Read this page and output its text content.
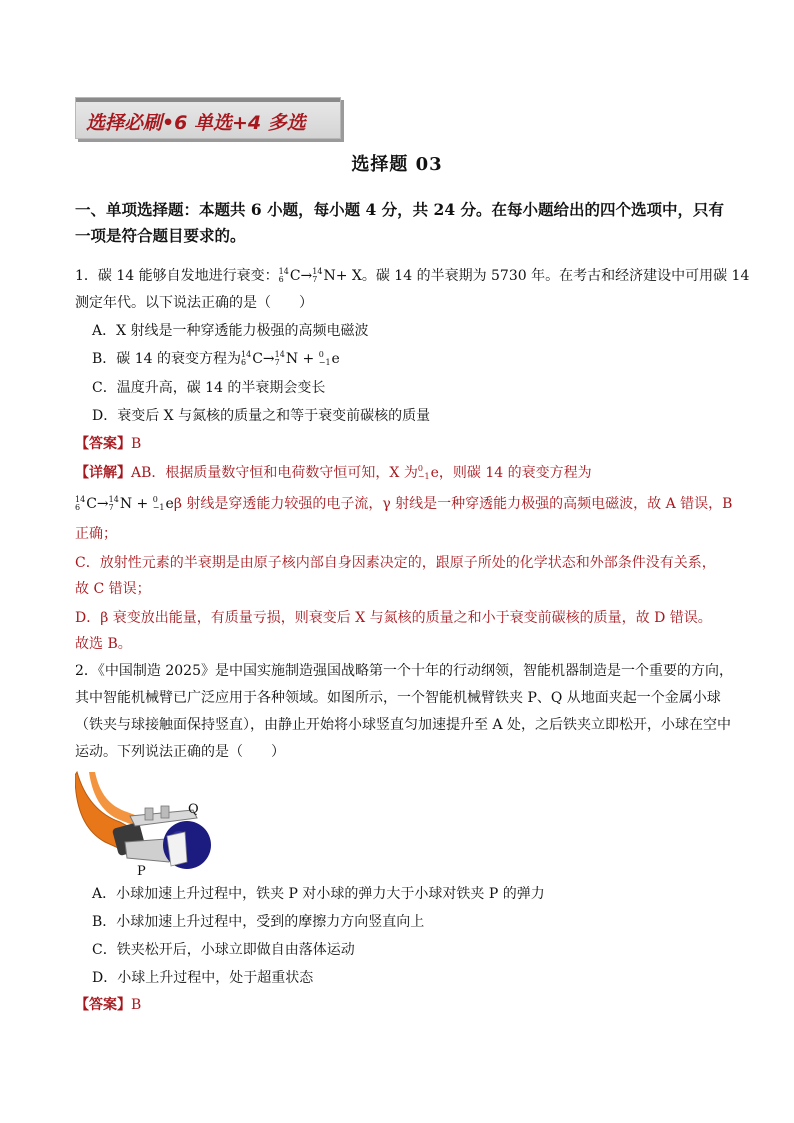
选择必刷•6 单选+4 多选
选择题 03
一、单项选择题：本题共 6 小题，每小题 4 分，共 24 分。在每小题给出的四个选项中，只有
一项是符合题目要求的。
1．碳 14 能够自发地进行衰变： 14
6 C→ 14
7 N+ X。碳 14 的半衰期为 5730 年。在考古和经济建设中可用碳 14
测定年代。以下说法正确的是（　　）
A．X 射线是一种穿透能力极强的高频电磁波
B．碳 14 的衰变方程为 14
6 C→ 14
7 N + 0
−1 e
C．温度升高，碳 14 的半衰期会变长
D．衰变后 X 与氮核的质量之和等于衰变前碳核的质量
【答案】B
【详解】AB．根据质量数守恒和电荷数守恒可知，X 为 0
−1 e，则碳 14 的衰变方程为
14
6 C→ 14
7 N + 0
−1 eβ 射线是穿透能力较强的电子流，γ 射线是一种穿透能力极强的高频电磁波，故 A 错误，B
正确；
C．放射性元素的半衰期是由原子核内部自身因素决定的，跟原子所处的化学状态和外部条件没有关系，
故 C 错误；
D．β 衰变放出能量，有质量亏损，则衰变后 X 与氮核的质量之和小于衰变前碳核的质量，故 D 错误。
故选 B。
2．《中国制造 2025》是中国实施制造强国战略第一个十年的行动纲领，智能机器制造是一个重要的方向，
其中智能机械臂已广泛应用于各种领域。如图所示，一个智能机械臂铁夹 P、Q 从地面夹起一个金属小球
（铁夹与球接触面保持竖直），由静止开始将小球竖直匀加速提升至 A 处，之后铁夹立即松开，小球在空中
运动。下列说法正确的是（　　）
Q
P
A．小球加速上升过程中，铁夹 P 对小球的弹力大于小球对铁夹 P 的弹力
B．小球加速上升过程中，受到的摩擦力方向竖直向上
C．铁夹松开后，小球立即做自由落体运动
D．小球上升过程中，处于超重状态
【答案】B
